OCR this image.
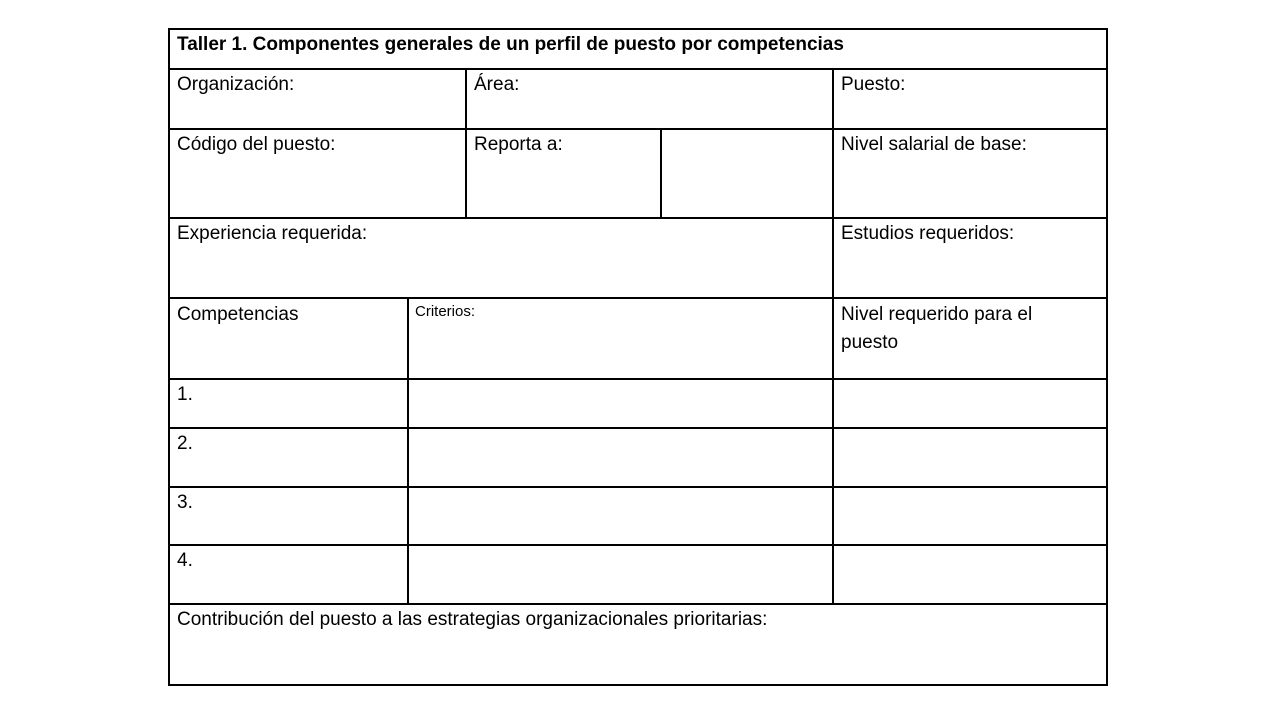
Taller 1. Componentes generales de un perfil de puesto por competencias
Organización:	Área:	Puesto:
Código del puesto:	Reporta a:	Nivel salarial de base:
Experiencia requerida:	Estudios requeridos:
Competencias	Criterios:	Nivel requerido para el puesto
1.
2.
3.
4.
Contribución del puesto a las estrategias organizacionales prioritarias:
